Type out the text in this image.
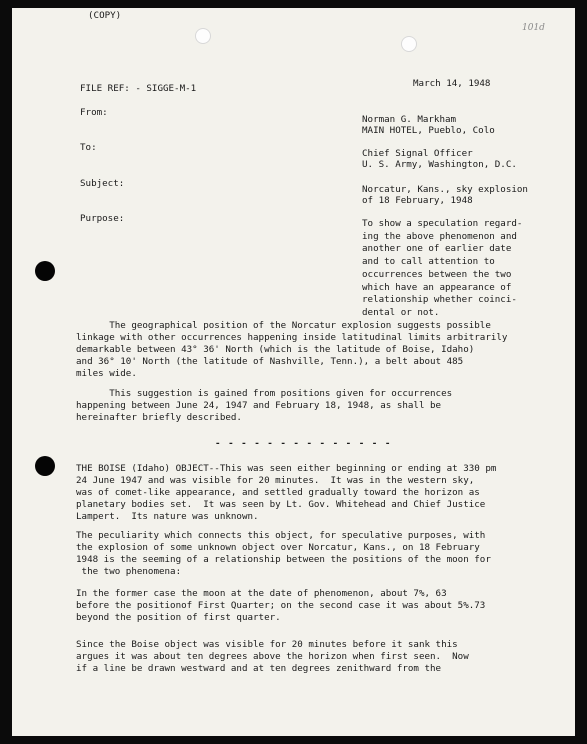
(COPY)
101d
FILE REF: - SIGGE-M-1	March 14, 1948
From:

Norman G. Markham

MAIN HOTEL, Pueblo, Colo

To:

Chief Signal Officer

U. S. Army, Washington, D.C.

Subject:

Norcatur, Kans., sky explosion

of 18 February, 1948

Purpose:	To show a speculation regard-

ing the above phenomenon and

another one of earlier date

and to call attention to

occurrences between the two

which have an appearance of

relationship whether coinci-

dental or not.

The geographical position of the Norcatur explosion suggests possible

linkage with other occurrences happening inside latitudinal limits arbitrarily

demarkable between 43° 36' North (which is the latitude of Boise, Idaho)

and 36° 10' North (the latitude of Nashville, Tenn.), a belt about 485

miles wide.

This suggestion is gained from positions given for occurrences

happening between June 24, 1947 and February 18, 1948, as shall be

hereinafter briefly described.

- - - - - - - - - - - - - -

THE BOISE (Idaho) OBJECT--This was seen either beginning or ending at 330 pm

24 June 1947 and was visible for 20 minutes.  It was in the western sky,

was of comet-like appearance, and settled gradually toward the horizon as

planetary bodies set.  It was seen by Lt. Gov. Whitehead and Chief Justice

Lampert.  Its nature was unknown.

The peculiarity which connects this object, for speculative purposes, with

the explosion of some unknown object over Norcatur, Kans., on 18 February

1948 is the seeming of a relationship between the positions of the moon for

the two phenomena:

In the former case the moon at the date of phenomenon, about 7%, 63

before the positionof First Quarter; on the second case it was about 5%.73

beyond the position of first quarter.

Since the Boise object was visible for 20 minutes before it sank this

argues it was about ten degrees above the horizon when first seen.  Now

if a line be drawn westward and at ten degrees zenithward from the
